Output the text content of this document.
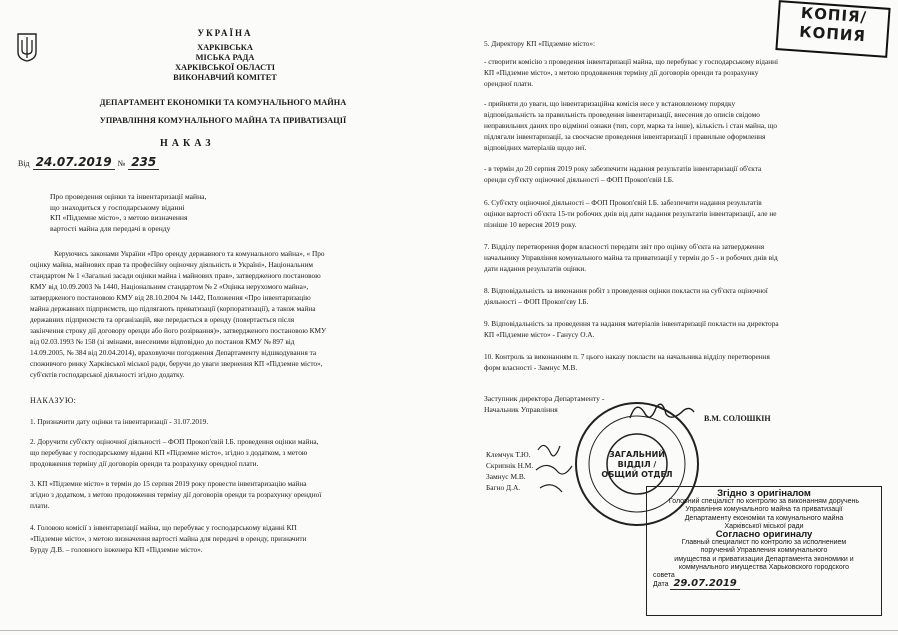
УКРАЇНА
ХАРКІВСЬКА
МІСЬКА РАДА
ХАРКІВСЬКОЇ ОБЛАСТІ
ВИКОНАВЧИЙ КОМІТЕТ
ДЕПАРТАМЕНТ ЕКОНОМІКИ ТА КОМУНАЛЬНОГО МАЙНА
УПРАВЛІННЯ КОМУНАЛЬНОГО МАЙНА ТА ПРИВАТИЗАЦІЇ
НАКАЗ
Від 24.07.2019 № 235
Про проведення оцінки та інвентаризації майна,
що знаходиться у господарському віданні
КП «Підземне місто», з метою визначення
вартості майна для передачі в оренду
Керуючись законами України «Про оренду державного та комунального майна», « Про
оцінку майна, майнових прав та професійну оціночну діяльність в Україні», Національним
стандартом № 1 «Загальні засади оцінки майна і майнових прав», затвердженого постановою
КМУ від 10.09.2003 № 1440, Національним стандартом № 2 «Оцінка нерухомого майна»,
затвердженого постановою КМУ від 28.10.2004 № 1442, Положення «Про інвентаризацію
майна державних підприємств, що підлягають приватизації (корпоратизації), а також майна
державних підприємств та організацій, яке передається в оренду (повертається після
закінчення строку дії договору оренди або його розірвання)», затвердженого постановою КМУ
від 02.03.1993 № 158 (зі змінами, внесеними відповідно до постанов КМУ № 897 від
14.09.2005, № 384 від 20.04.2014), враховуючи погодження Департаменту відшкодування та
споживчого ринку Харківської міської ради, беручи до уваги звернення КП «Підземне місто»,
суб'єктів господарської діяльності згідно додатку.
НАКАЗУЮ:
1. Призначити дату оцінки та інвентаризації - 31.07.2019.
2. Доручити суб'єкту оціночної діяльності – ФОП Прокоп'євій І.Б. проведення оцінки майна,
що перебуває у господарському віданні КП «Підземне місто», згідно з додатком, з метою
продовження терміну дії договорів оренди та розрахунку орендної плати.
3. КП «Підземне місто» в термін до 15 серпня 2019 року провести інвентаризацію майна
згідно з додатком, з метою продовження терміну дії договорів оренди та розрахунку орендної
плати.
4. Головою комісії з інвентаризації майна, що перебуває у господарському віданні КП
«Підземне місто», з метою визначення вартості майна для передачі в оренду, призначити
Бурду Д.В. – головного інженера КП «Підземне місто».
5. Директору КП «Підземне місто»:
- створити комісію з проведення інвентаризації майна, що перебуває у господарському віданні
КП «Підземне місто», з метою продовження терміну дії договорів оренди та розрахунку
орендної плати.
- прийняти до уваги, що інвентаризаційна комісія несе у встановленому порядку
відповідальність за правильність проведення інвентаризації, внесення до описів свідомо
неправильних даних про відмінні ознаки (тип, сорт, марка та інше), кількість і стан майна, що
підлягали інвентаризації, за своєчасне проведення інвентаризації і правильне оформлення
відповідних матеріалів щодо неї.
- в термін до 20 серпня 2019 року забезпечити надання результатів інвентаризації об'єкта
оренди суб'єкту оціночної діяльності – ФОП Прокоп'євій І.Б.
6. Суб'єкту оціночної діяльності – ФОП Прокоп'євій І.Б. забезпечити надання результатів
оцінки вартості об'єкта 15-ти робочих днів від дати надання результатів інвентаризації, але не
пізніше 10 вересня 2019 року.
7. Відділу перетворення форм власності передати звіт про оцінку об'єкта на затвердження
начальнику Управління комунального майна та приватизації у термін до 5 - и робочих днів від
дати надання результатів оцінки.
8. Відповідальність за виконання робіт з проведення оцінки покласти на суб'єкта оціночної
діяльності – ФОП Прокоп'єву І.Б.
9. Відповідальність за проведення та надання матеріалів інвентаризації покласти на директора
КП «Підземне місто» - Ганусу О.А.
10. Контроль за виконанням п. 7 цього наказу покласти на начальника відділу перетворення
форм власності - Замнус М.В.
Заступник директора Департаменту -
Начальник Управління
В.М. СОЛОШКІН
Клемчук Т.Ю.
Скрипнік Н.М.
Замнус М.В.
Багно Д.А.
КОПІЯ/
КОПИЯ
ЗАГАЛЬНИЙ
ВІДДІЛ /
ОБЩИЙ ОТДЕЛ
Згідно з оригіналом
Головний спеціаліст по контролю за виконанням доручень
Управління комунального майна та приватизації
Департаменту економіки та комунального майна
Харківської міської ради
Согласно оригиналу
Главный специалист по контролю за исполнением
поручений Управления коммунального
имущества и приватизации Департамента экономики и
коммунального имущества Харьковского городского
совета
Дата 29.07.2019
